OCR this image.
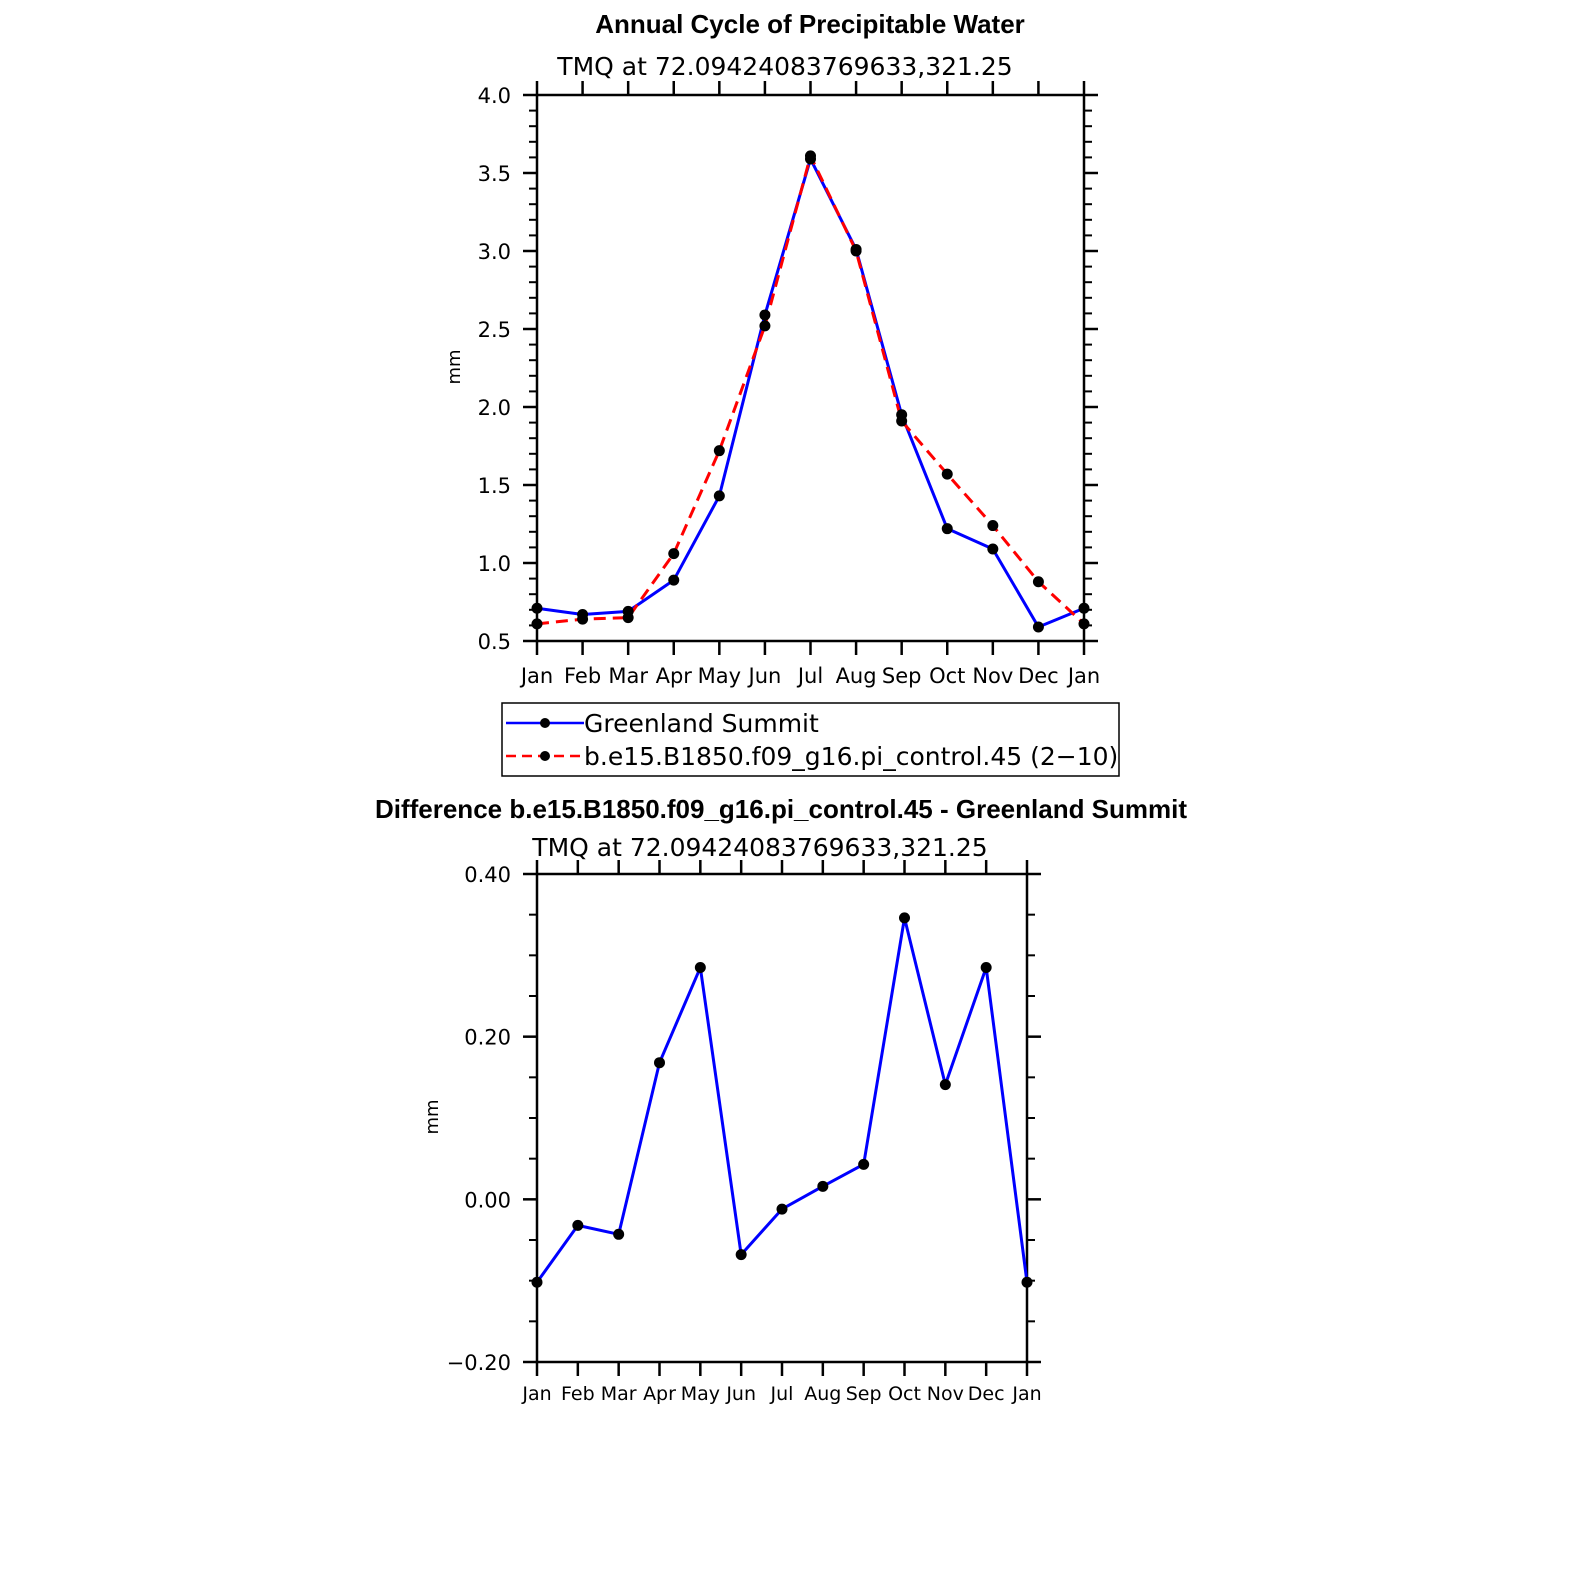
Annual Cycle of Precipitable Water
TMQ at 72.09424083769633,321.25
mm
Jan Feb Mar Apr May Jun Jul Aug Sep Oct Nov Dec Jan
0.5
1.0
1.5
2.0
2.5
3.0
3.5
4.0
Greenland Summit
b.e15.B1850.f09_g16.pi_control.45 (2−10)
Difference b.e15.B1850.f09_g16.pi_control.45 - Greenland Summit
TMQ at 72.09424083769633,321.25
mm
Jan Feb Mar Apr May Jun Jul Aug Sep Oct Nov Dec Jan
−0.20
0.00
0.20
0.40
